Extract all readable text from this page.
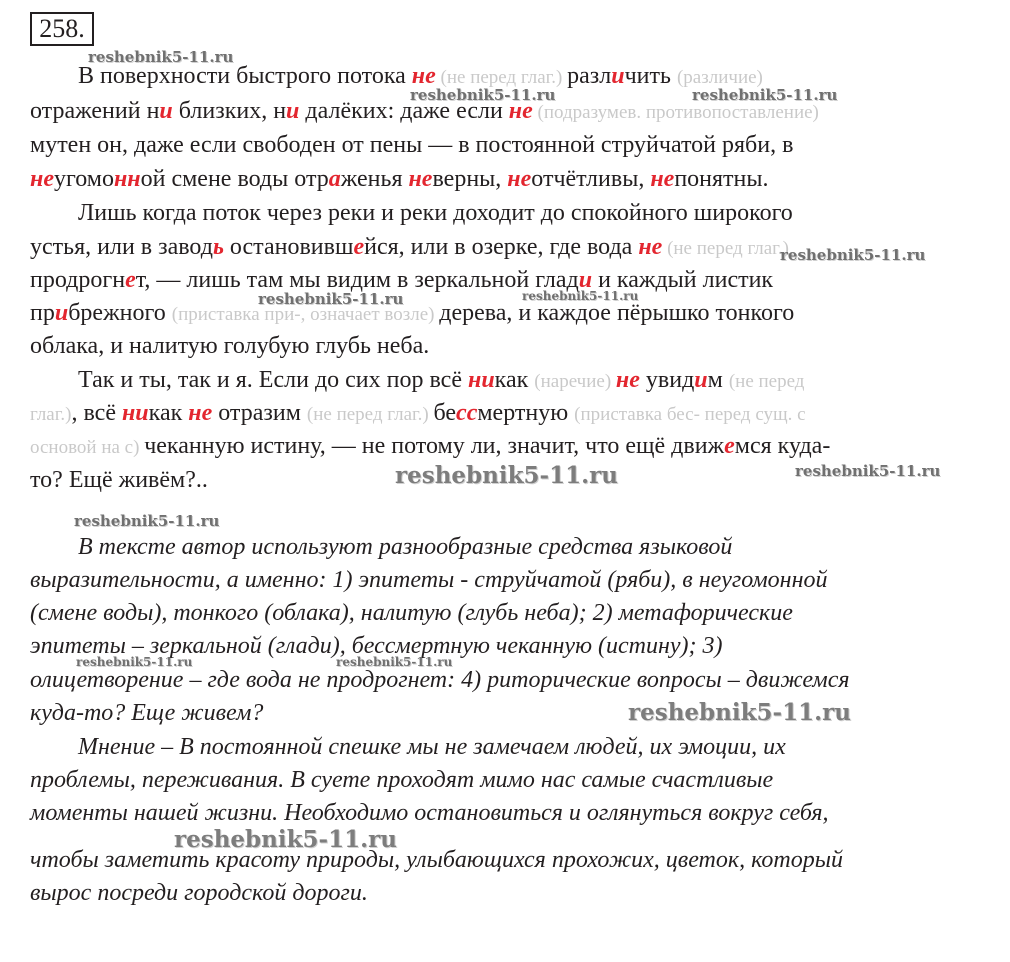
258.
В поверхности быстрого потока не (не перед глаг.) различить (различие)
отражений ни близких, ни далёких: даже если не (подразумев. противопоставление)
мутен он, даже если свободен от пены — в постоянной струйчатой ряби, в
неугомонной смене воды отраженья неверны, неотчётливы, непонятны.
Лишь когда поток через реки и реки доходит до спокойного широкого
устья, или в заводь остановившейся, или в озерке, где вода не (не перед глаг.)
продрогнет, — лишь там мы видим в зеркальной глади и каждый листик
прибрежного (приставка при-, означает возле) дерева, и каждое пёрышко тонкого
облака, и налитую голубую глубь неба.
Так и ты, так и я. Если до сих пор всё никак (наречие) не увидим (не перед
глаг.), всё никак не отразим (не перед глаг.) бессмертную (приставка бес- перед сущ. с
основой на с) чеканную истину, — не потому ли, значит, что ещё движемся куда-
то? Ещё живём?..
В тексте автор используют разнообразные средства языковой
выразительности, а именно: 1) эпитеты - струйчатой (ряби), в неугомонной
(смене воды), тонкого (облака), налитую (глубь неба); 2) метафорические
эпитеты – зеркальной (глади), бессмертную чеканную (истину); 3)
олицетворение – где вода не продрогнет: 4) риторические вопросы – движемся
куда-то? Еще живем?
Мнение – В постоянной спешке мы не замечаем людей, их эмоции, их
проблемы, переживания. В суете проходят мимо нас самые счастливые
моменты нашей жизни. Необходимо остановиться и оглянуться вокруг себя,
чтобы заметить красоту природы, улыбающихся прохожих, цветок, который
вырос посреди городской дороги.
reshebnik5-11.ru
reshebnik5-11.ru	reshebnik5-11.ru
reshebnik5-11.ru
reshebnik5-11.ru	reshebnik5-11.ru
reshebnik5-11.ru	reshebnik5-11.ru
reshebnik5-11.ru
reshebnik5-11.ru	reshebnik5-11.ru
reshebnik5-11.ru
reshebnik5-11.ru
